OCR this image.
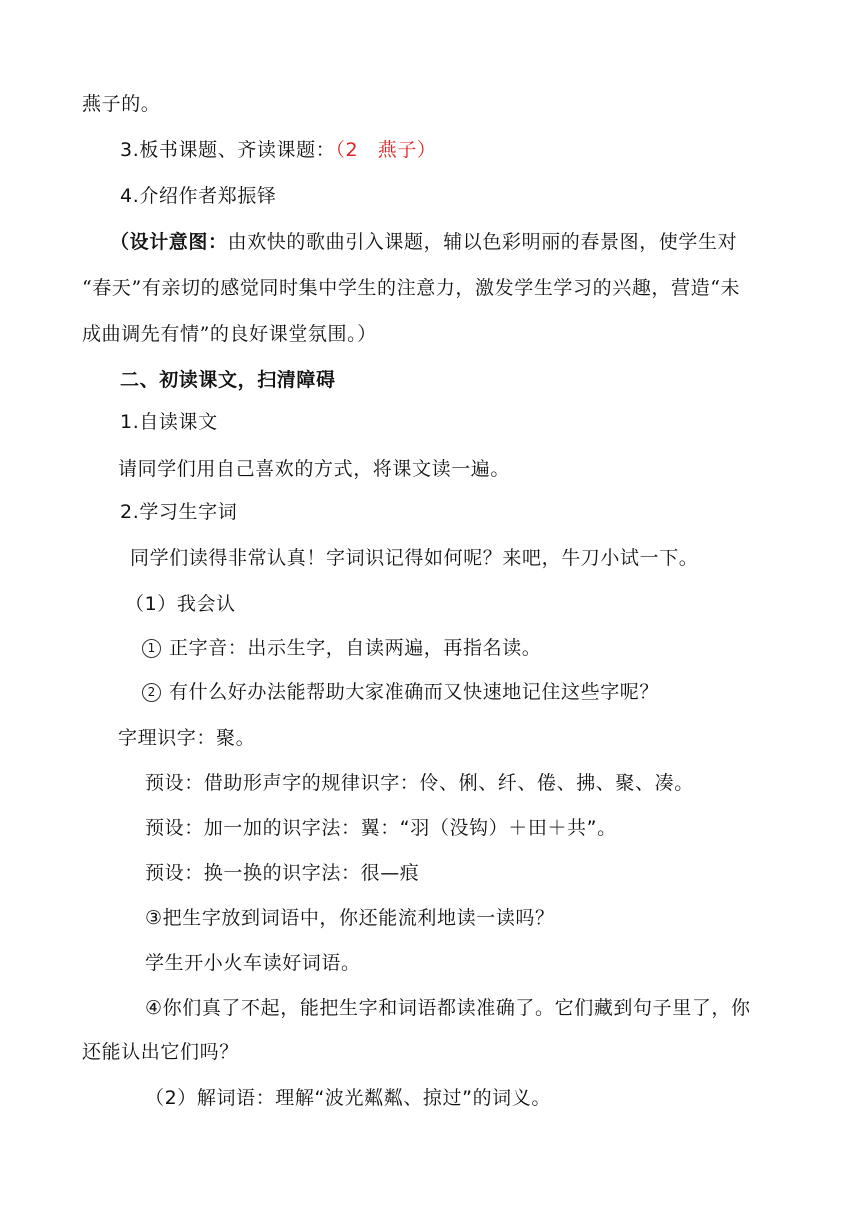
燕子的。
3.板书课题、齐读课题：（2　燕子）
4.介绍作者郑振铎
（设计意图：由欢快的歌曲引入课题，辅以色彩明丽的春景图，使学生对
“春天”有亲切的感觉同时集中学生的注意力，激发学生学习的兴趣，营造“未
成曲调先有情”的良好课堂氛围。）
二、初读课文，扫清障碍
1.自读课文
请同学们用自己喜欢的方式，将课文读一遍。
2.学习生字词
同学们读得非常认真！字词识记得如何呢？来吧，牛刀小试一下。
（1）我会认
1 正字音：出示生字，自读两遍，再指名读。
2 有什么好办法能帮助大家准确而又快速地记住这些字呢？
字理识字：聚。
预设：借助形声字的规律识字：伶、俐、纤、倦、拂、聚、凑。
预设：加一加的识字法：翼：“羽（没钩）＋田＋共”。
预设：换一换的识字法：很—痕
③把生字放到词语中，你还能流利地读一读吗？
学生开小火车读好词语。
④你们真了不起，能把生字和词语都读准确了。它们藏到句子里了，你
还能认出它们吗？
（2）解词语：理解“波光粼粼、掠过”的词义。
